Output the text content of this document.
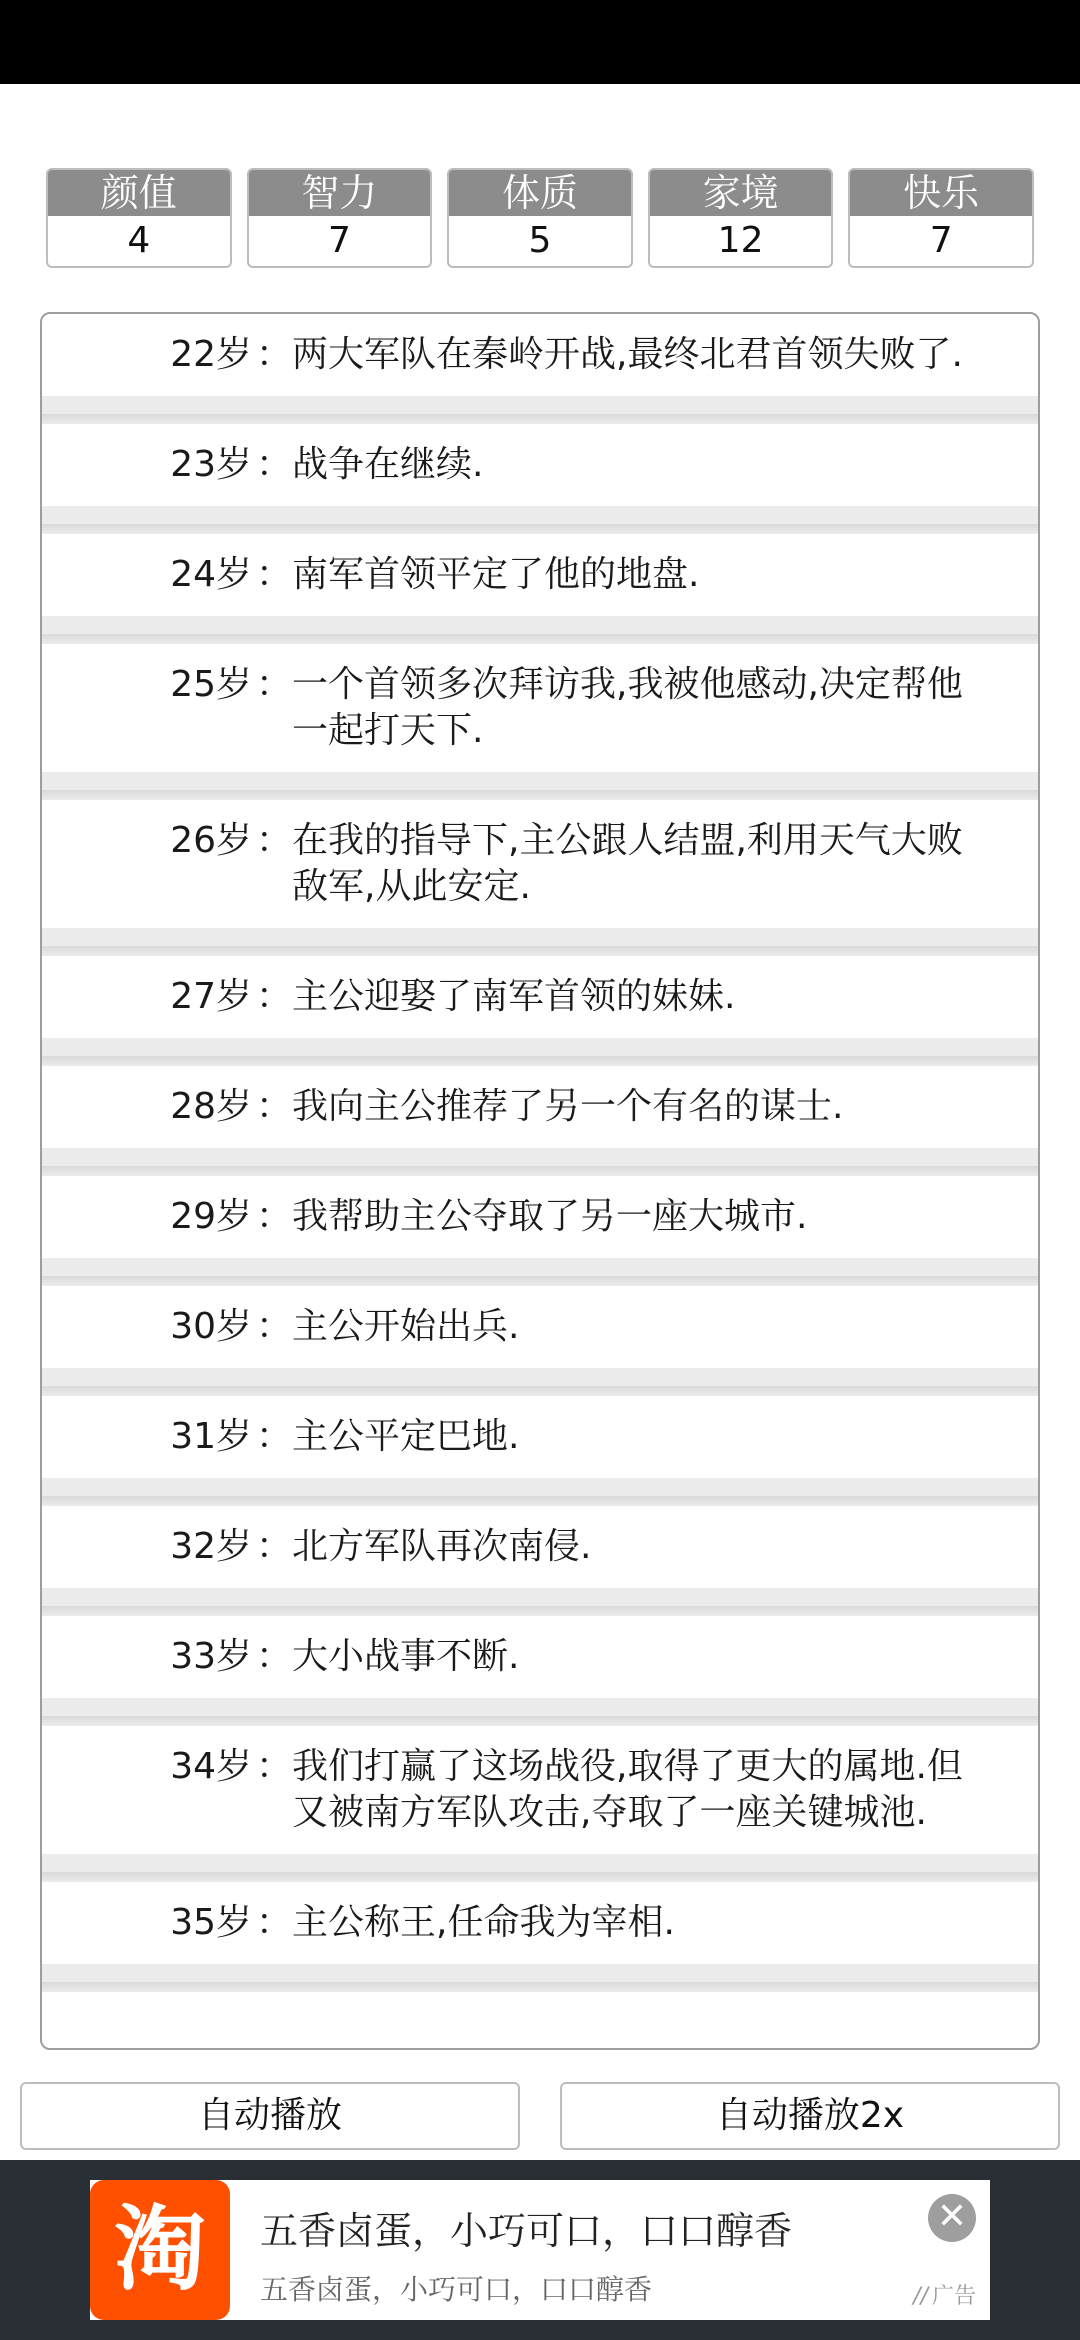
颜值
4
智力
7
体质
5
家境
12
快乐
7
22岁 ： 两大军队在秦岭开战,最终北君首领失败了.
23岁 ： 战争在继续.
24岁 ： 南军首领平定了他的地盘.
25岁 ： 一个首领多次拜访我,我被他感动,决定帮他一起打天下.
26岁 ： 在我的指导下,主公跟人结盟,利用天气大败敌军,从此安定.
27岁 ： 主公迎娶了南军首领的妹妹.
28岁 ： 我向主公推荐了另一个有名的谋士.
29岁 ： 我帮助主公夺取了另一座大城市.
30岁 ： 主公开始出兵.
31岁 ： 主公平定巴地.
32岁 ： 北方军队再次南侵.
33岁 ： 大小战事不断.
34岁 ： 我们打赢了这场战役,取得了更大的属地.但又被南方军队攻击,夺取了一座关键城池.
35岁 ： 主公称王,任命我为宰相.
自动播放	自动播放2x
淘	五香卤蛋，小巧可口，口口醇香
五香卤蛋，小巧可口，口口醇香
✕
// 广告
